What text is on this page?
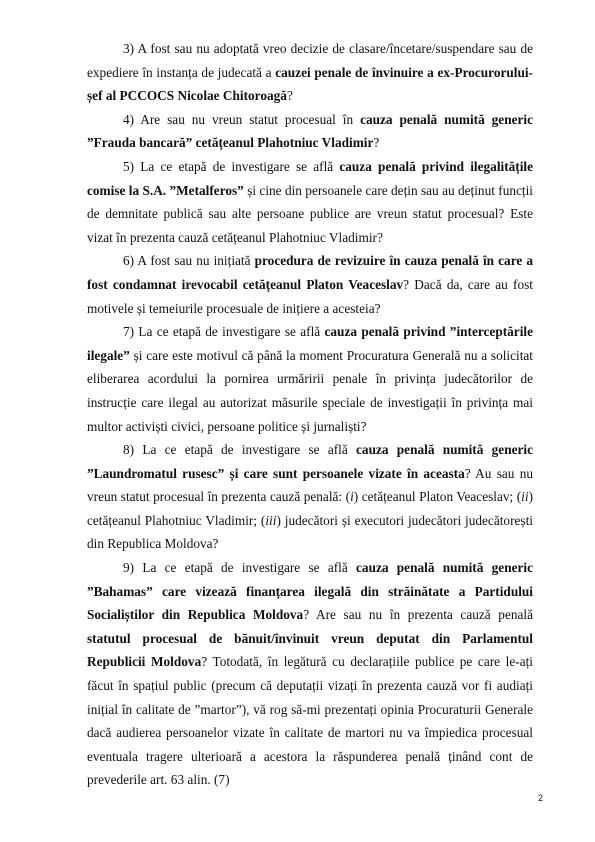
3) A fost sau nu adoptată vreo decizie de clasare/încetare/suspendare sau de expediere în instanța de judecată a cauzei penale de învinuire a ex-Procurorului-șef al PCCOCS Nicolae Chitoroagă?

4) Are sau nu vreun statut procesual în cauza penală numită generic ”Frauda bancară” cetățeanul Plahotniuc Vladimir?

5) La ce etapă de investigare se află cauza penală privind ilegalitățile comise la S.A. ”Metalferos” și cine din persoanele care dețin sau au deținut funcții de demnitate publică sau alte persoane publice are vreun statut procesual? Este vizat în prezenta cauză cetățeanul Plahotniuc Vladimir?

6) A fost sau nu inițiată procedura de revizuire în cauza penală în care a fost condamnat irevocabil cetățeanul Platon Veaceslav? Dacă da, care au fost motivele și temeiurile procesuale de inițiere a acesteia?

7) La ce etapă de investigare se află cauza penală privind ”interceptările ilegale” și care este motivul că până la moment Procuratura Generală nu a solicitat eliberarea acordului la pornirea urmăririi penale în privința judecătorilor de instrucție care ilegal au autorizat măsurile speciale de investigații în privința mai multor activiști civici, persoane politice și jurnaliști?

8) La ce etapă de investigare se află cauza penală numită generic ”Laundromatul rusesc” și care sunt persoanele vizate în aceasta? Au sau nu vreun statut procesual în prezenta cauză penală: (i) cetățeanul Platon Veaceslav; (ii) cetățeanul Plahotniuc Vladimir; (iii) judecători și executori judecători judecătorești din Republica Moldova?

9) La ce etapă de investigare se află cauza penală numită generic ”Bahamas” care vizează finanțarea ilegală din străinătate a Partidului Socialiștilor din Republica Moldova? Are sau nu în prezenta cauză penală statutul procesual de bănuit/învinuit vreun deputat din Parlamentul Republicii Moldova? Totodată, în legătură cu declarațiile publice pe care le-ați făcut în spațiul public (precum că deputații vizați în prezenta cauză vor fi audiați inițial în calitate de ”martor”), vă rog să-mi prezentați opinia Procuraturii Generale dacă audierea persoanelor vizate în calitate de martori nu va împiedica procesual eventuala tragere ulterioară a acestora la răspunderea penală ținând cont de prevederile art. 63 alin. (7)

2
